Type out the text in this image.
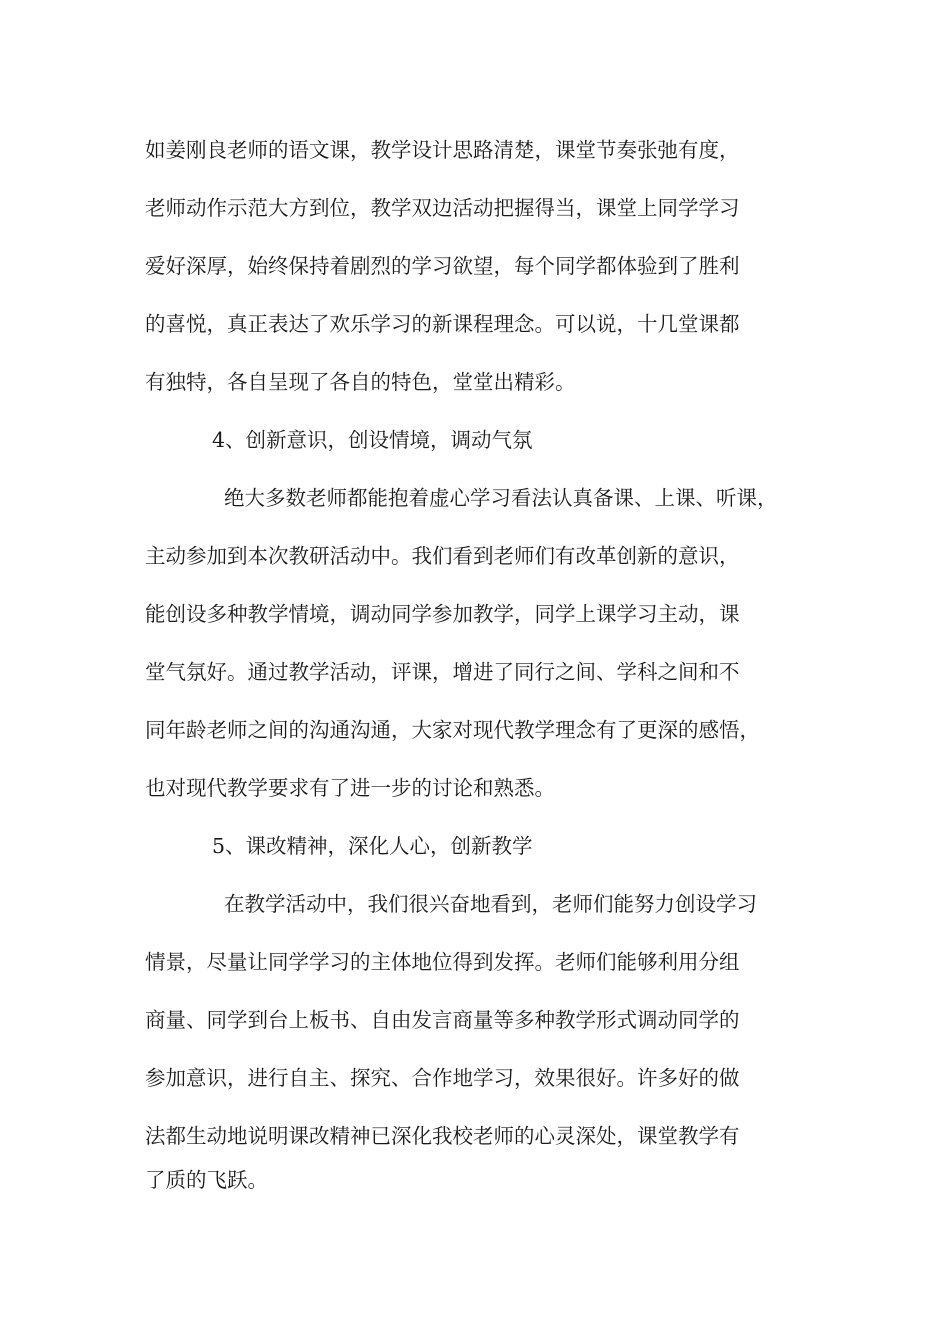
如姜刚良老师的语文课，教学设计思路清楚，课堂节奏张弛有度，
老师动作示范大方到位，教学双边活动把握得当，课堂上同学学习
爱好深厚，始终保持着剧烈的学习欲望，每个同学都体验到了胜利
的喜悦，真正表达了欢乐学习的新课程理念。可以说，十几堂课都
有独特，各自呈现了各自的特色，堂堂出精彩。
4、创新意识，创设情境，调动气氛
绝大多数老师都能抱着虚心学习看法认真备课、上课、听课，
主动参加到本次教研活动中。我们看到老师们有改革创新的意识，
能创设多种教学情境，调动同学参加教学，同学上课学习主动，课
堂气氛好。通过教学活动，评课，增进了同行之间、学科之间和不
同年龄老师之间的沟通沟通，大家对现代教学理念有了更深的感悟，
也对现代教学要求有了进一步的讨论和熟悉。
5、课改精神，深化人心，创新教学
在教学活动中，我们很兴奋地看到，老师们能努力创设学习
情景，尽量让同学学习的主体地位得到发挥。老师们能够利用分组
商量、同学到台上板书、自由发言商量等多种教学形式调动同学的
参加意识，进行自主、探究、合作地学习，效果很好。许多好的做
法都生动地说明课改精神已深化我校老师的心灵深处，课堂教学有
了质的飞跃。
